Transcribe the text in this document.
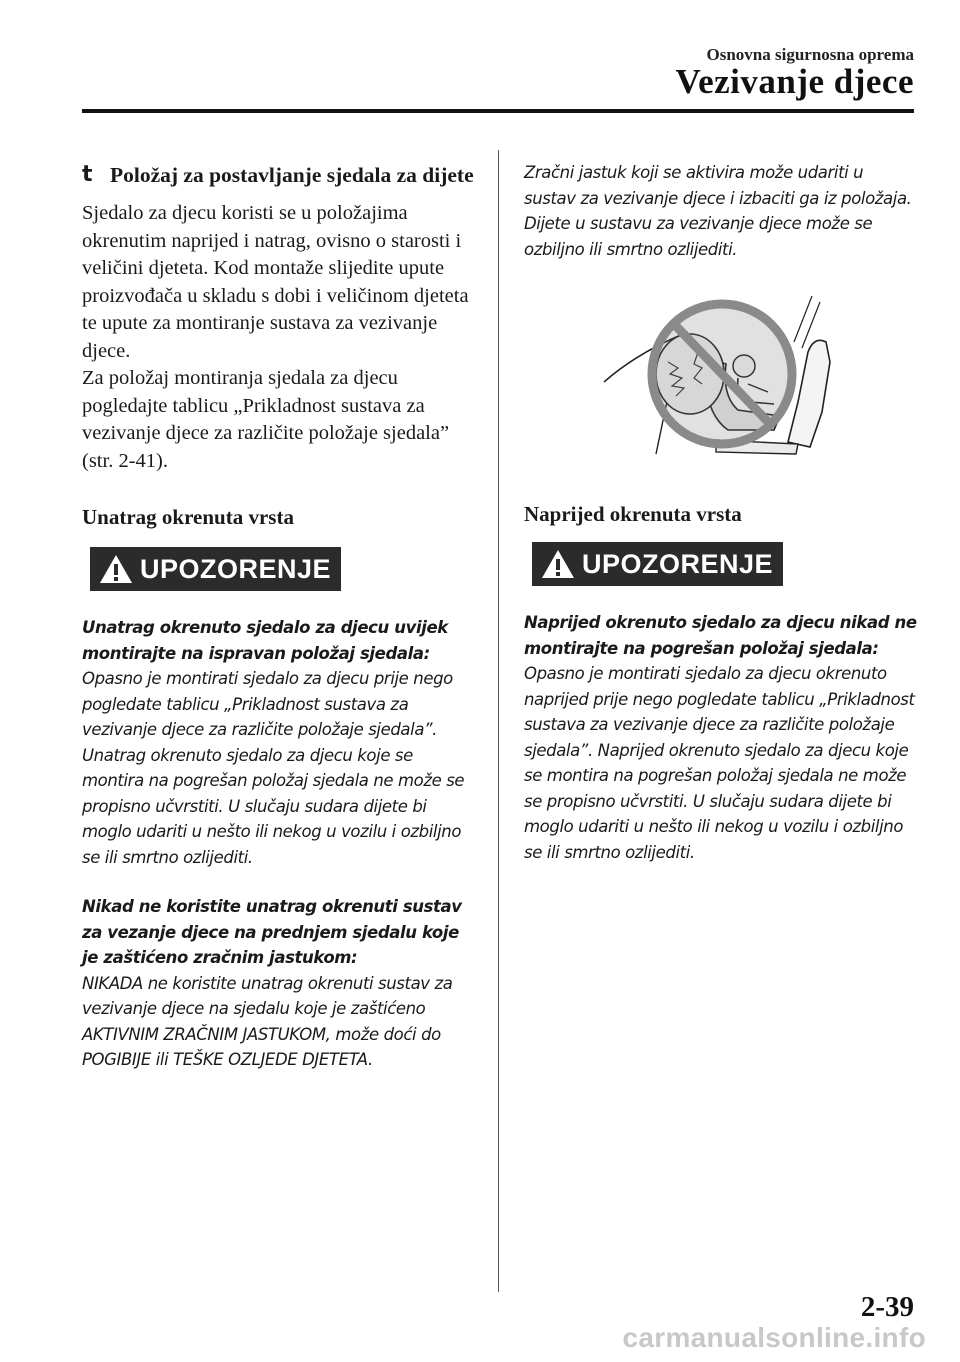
Osnovna sigurnosna oprema
Vezivanje djece
t Položaj za postavljanje sjedala za dijete
Sjedalo za djecu koristi se u položajima okrenutim naprijed i natrag, ovisno o starosti i veličini djeteta. Kod montaže slijedite upute proizvođača u skladu s dobi i veličinom djeteta te upute za montiranje sustava za vezivanje djece.
Za položaj montiranja sjedala za djecu pogledajte tablicu „Prikladnost sustava za vezivanje djece za različite položaje sjedala” (str. 2-41).
Unatrag okrenuta vrsta
UPOZORENJE
Unatrag okrenuto sjedalo za djecu uvijek montirajte na ispravan položaj sjedala:
Opasno je montirati sjedalo za djecu prije nego pogledate tablicu „Prikladnost sustava za vezivanje djece za različite položaje sjedala”. Unatrag okrenuto sjedalo za djecu koje se montira na pogrešan položaj sjedala ne može se propisno učvrstiti. U slučaju sudara dijete bi moglo udariti u nešto ili nekog u vozilu i ozbiljno se ili smrtno ozlijediti.
Nikad ne koristite unatrag okrenuti sustav za vezanje djece na prednjem sjedalu koje je zaštićeno zračnim jastukom:
NIKADA ne koristite unatrag okrenuti sustav za vezivanje djece na sjedalu koje je zaštićeno AKTIVNIM ZRAČNIM JASTUKOM, može doći do POGIBIJE ili TEŠKE OZLJEDE DJETETA.
Zračni jastuk koji se aktivira može udariti u sustav za vezivanje djece i izbaciti ga iz položaja. Dijete u sustavu za vezivanje djece može se ozbiljno ili smrtno ozlijediti.
Naprijed okrenuta vrsta
UPOZORENJE
Naprijed okrenuto sjedalo za djecu nikad ne montirajte na pogrešan položaj sjedala:
Opasno je montirati sjedalo za djecu okrenuto naprijed prije nego pogledate tablicu „Prikladnost sustava za vezivanje djece za različite položaje sjedala”. Naprijed okrenuto sjedalo za djecu koje se montira na pogrešan položaj sjedala ne može se propisno učvrstiti. U slučaju sudara dijete bi moglo udariti u nešto ili nekog u vozilu i ozbiljno se ili smrtno ozlijediti.
2-39
carmanualsonline.info
